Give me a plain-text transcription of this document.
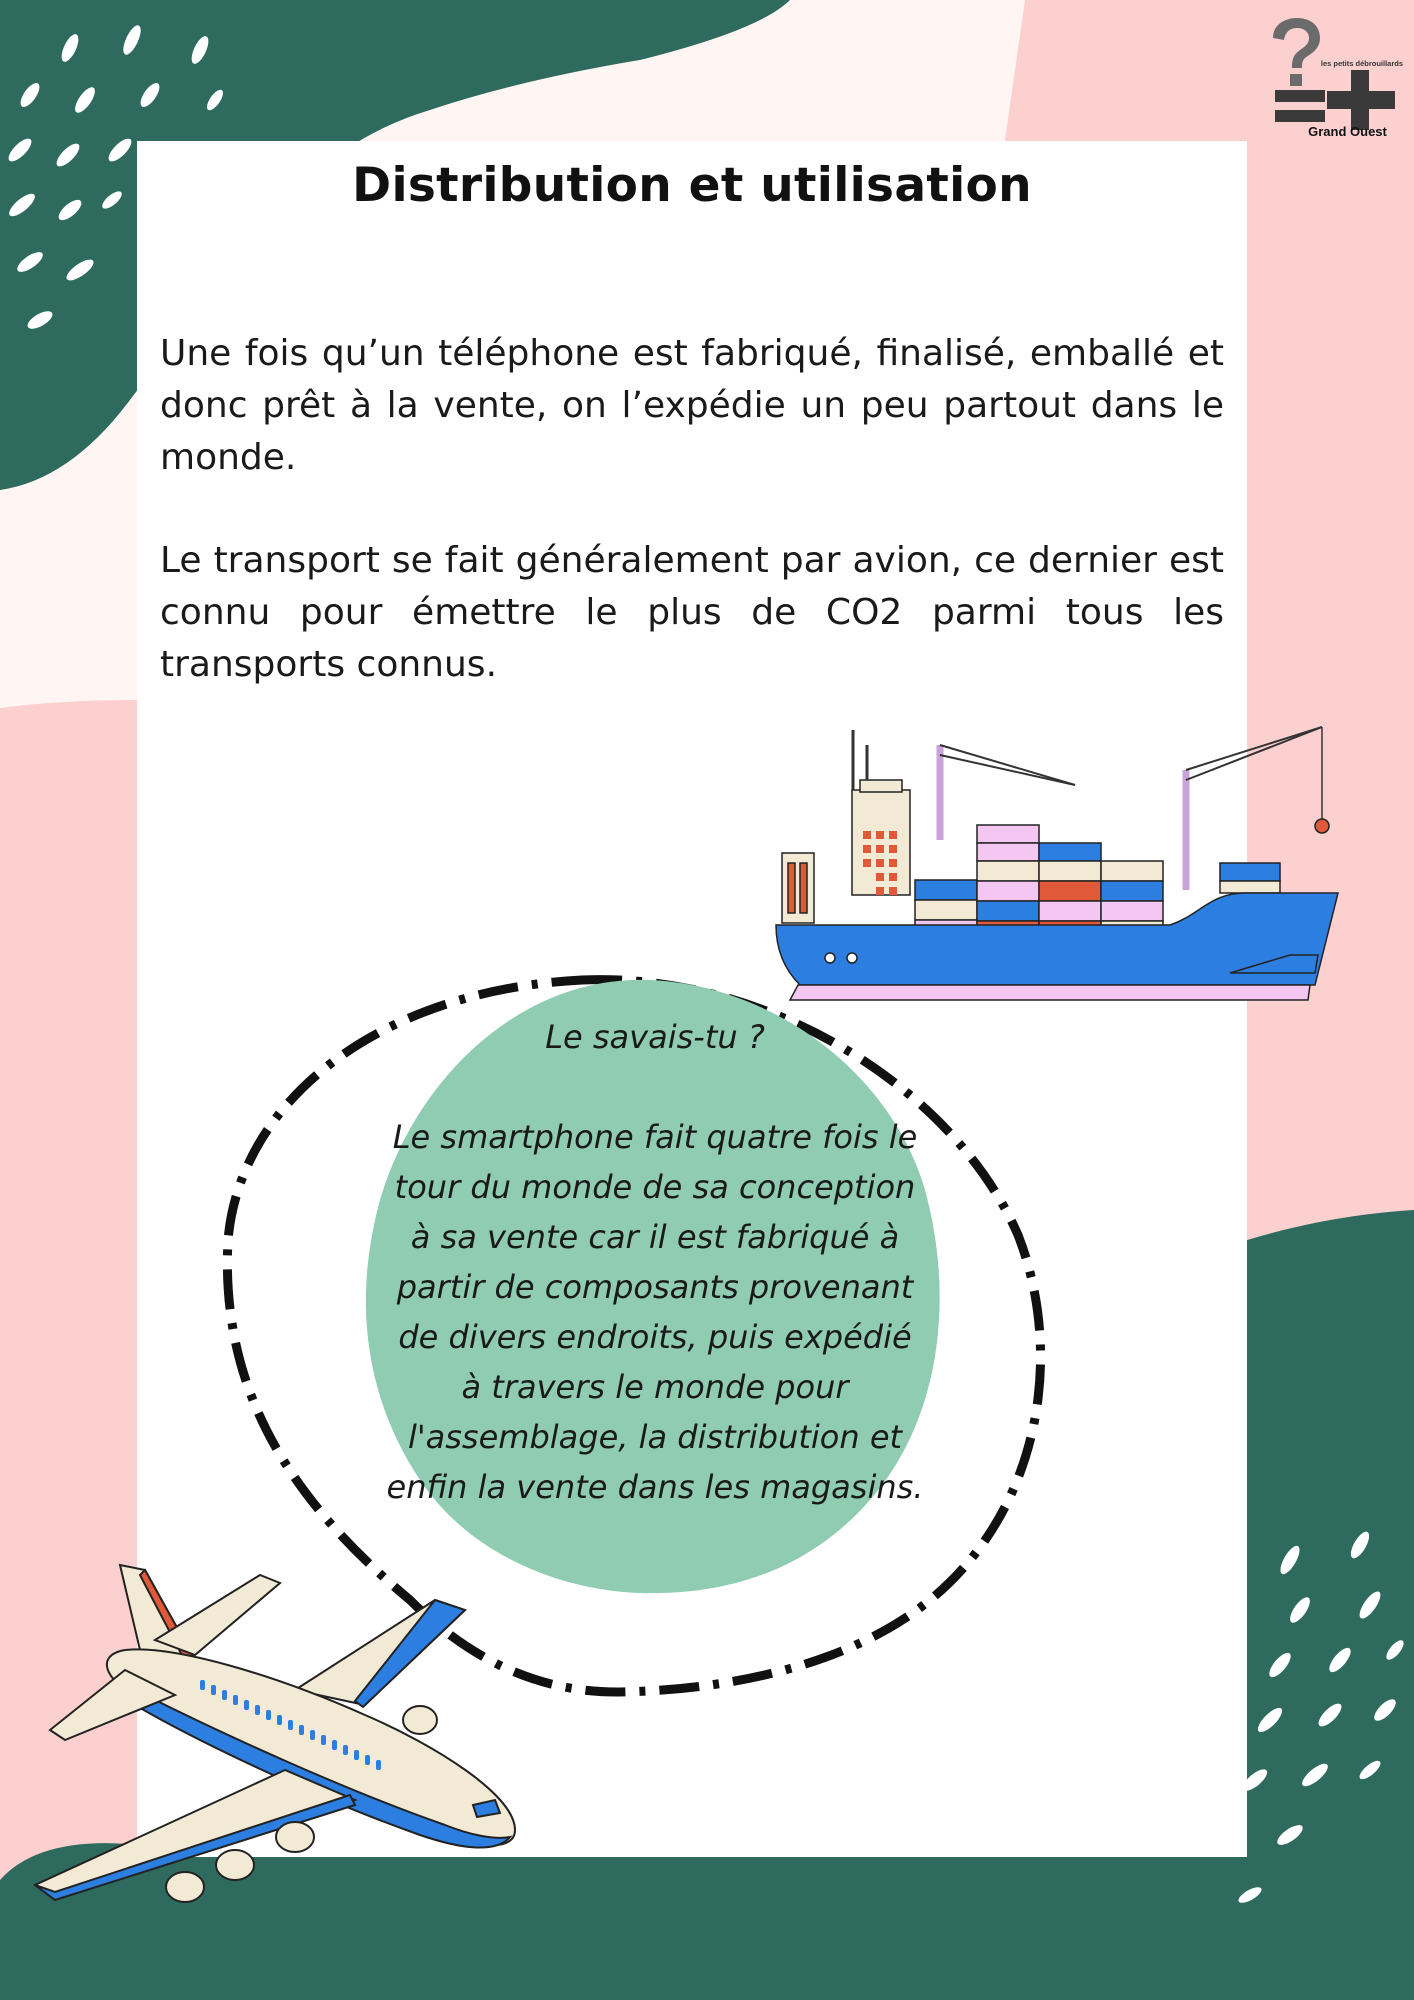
Distribution et utilisation
Une fois qu’un téléphone est fabriqué, finalisé, emballé et donc prêt à la vente, on l’expédie un peu partout dans le monde.
Le transport se fait généralement par avion, ce dernier est connu pour émettre le plus de CO2 parmi tous les transports connus.
Le savais-tu ?
Le smartphone fait quatre fois le tour du monde de sa conception à sa vente car il est fabriqué à partir de composants provenant de divers endroits, puis expédié à travers le monde pour l'assemblage, la distribution et enfin la vente dans les magasins.
les petits débrouillards
Grand Ouest
